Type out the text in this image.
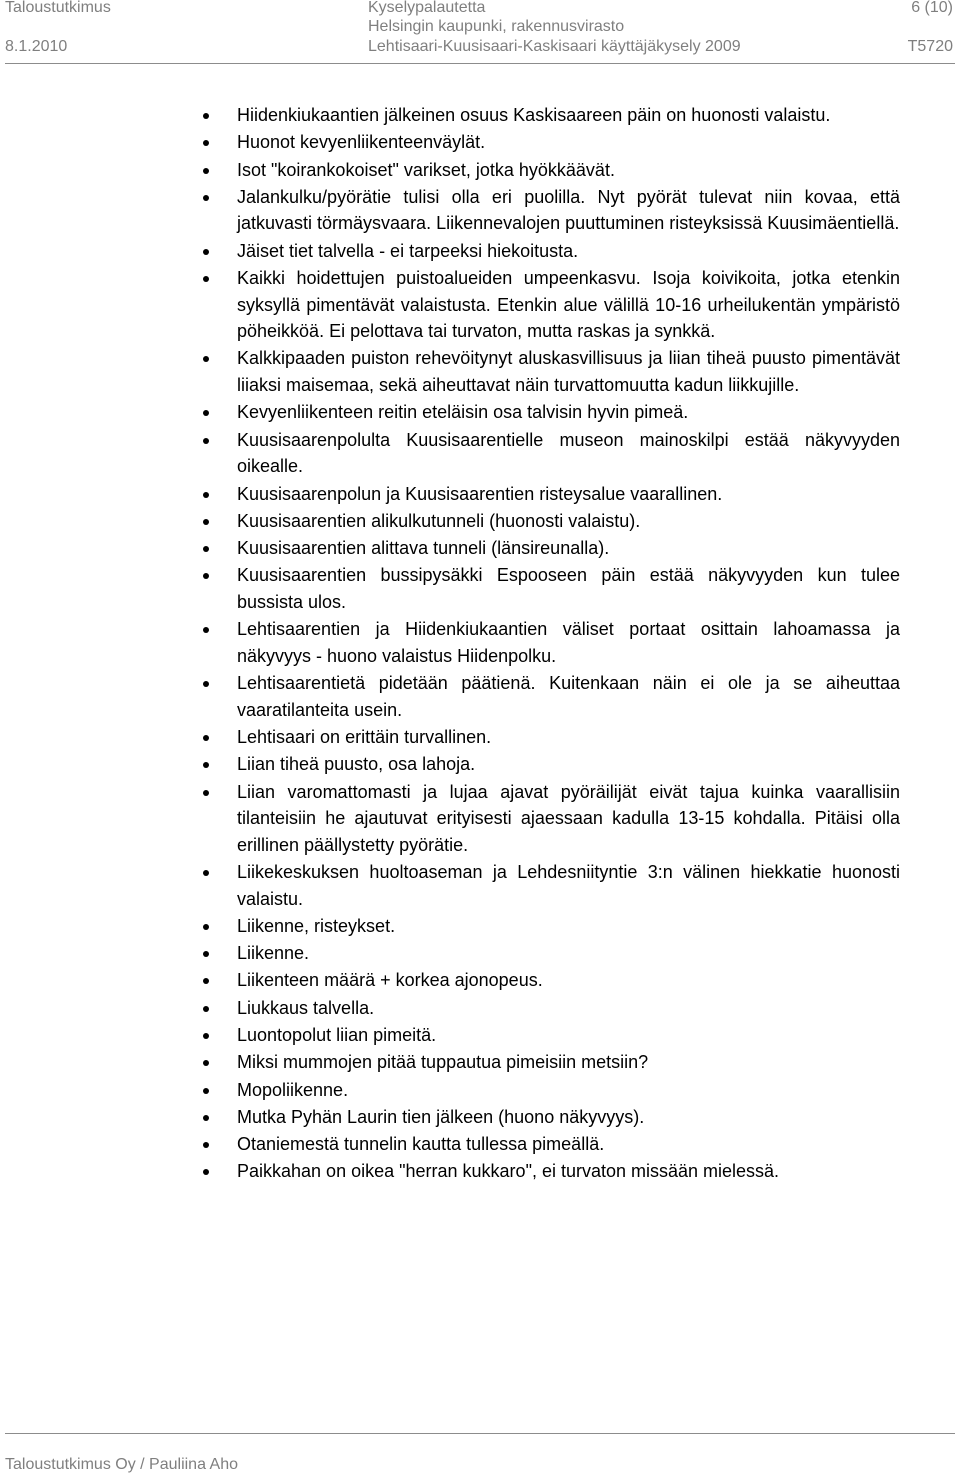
Taloustutkimus
8.1.2010
Kyselypalautetta
Helsingin kaupunki, rakennusvirasto
Lehtisaari-Kuusisaari-Kaskisaari käyttäjäkysely 2009
6 (10)
T5720
Hiidenkiukaantien jälkeinen osuus Kaskisaareen päin on huonosti valaistu.
Huonot kevyenliikenteenväylät.
Isot "koirankokoiset" varikset, jotka hyökkäävät.
Jalankulku/pyörätie tulisi olla eri puolilla. Nyt pyörät tulevat niin kovaa, että jatkuvasti törmäysvaara. Liikennevalojen puuttuminen risteyksissä Kuusimäentiellä.
Jäiset tiet talvella - ei tarpeeksi hiekoitusta.
Kaikki hoidettujen puistoalueiden umpeenkasvu. Isoja koivikoita, jotka etenkin syksyllä pimentävät valaistusta. Etenkin alue välillä 10-16 urheilukentän ympäristö pöheikköä. Ei pelottava tai turvaton, mutta raskas ja synkkä.
Kalkkipaaden puiston rehevöitynyt aluskasvillisuus ja liian tiheä puusto pimentävät liiaksi maisemaa, sekä aiheuttavat näin turvattomuutta kadun liikkujille.
Kevyenliikenteen reitin eteläisin osa talvisin hyvin pimeä.
Kuusisaarenpolulta Kuusisaarentielle museon mainoskilpi estää näkyvyyden oikealle.
Kuusisaarenpolun ja Kuusisaarentien risteysalue vaarallinen.
Kuusisaarentien alikulkutunneli (huonosti valaistu).
Kuusisaarentien alittava tunneli (länsireunalla).
Kuusisaarentien bussipysäkki Espooseen päin estää näkyvyyden kun tulee bussista ulos.
Lehtisaarentien ja Hiidenkiukaantien väliset portaat osittain lahoamassa ja näkyvyys - huono valaistus Hiidenpolku.
Lehtisaarentietä pidetään päätienä. Kuitenkaan näin ei ole ja se aiheuttaa vaaratilanteita usein.
Lehtisaari on erittäin turvallinen.
Liian tiheä puusto, osa lahoja.
Liian varomattomasti ja lujaa ajavat pyöräilijät eivät tajua kuinka vaarallisiin tilanteisiin he ajautuvat erityisesti ajaessaan kadulla 13-15 kohdalla. Pitäisi olla erillinen päällystetty pyörätie.
Liikekeskuksen huoltoaseman ja Lehdesniityntie 3:n välinen hiekkatie huonosti valaistu.
Liikenne, risteykset.
Liikenne.
Liikenteen määrä + korkea ajonopeus.
Liukkaus talvella.
Luontopolut liian pimeitä.
Miksi mummojen pitää tuppautua pimeisiin metsiin?
Mopoliikenne.
Mutka Pyhän Laurin tien jälkeen (huono näkyvyys).
Otaniemestä tunnelin kautta tullessa pimeällä.
Paikkahan on oikea "herran kukkaro", ei turvaton missään mielessä.
Taloustutkimus Oy / Pauliina Aho
